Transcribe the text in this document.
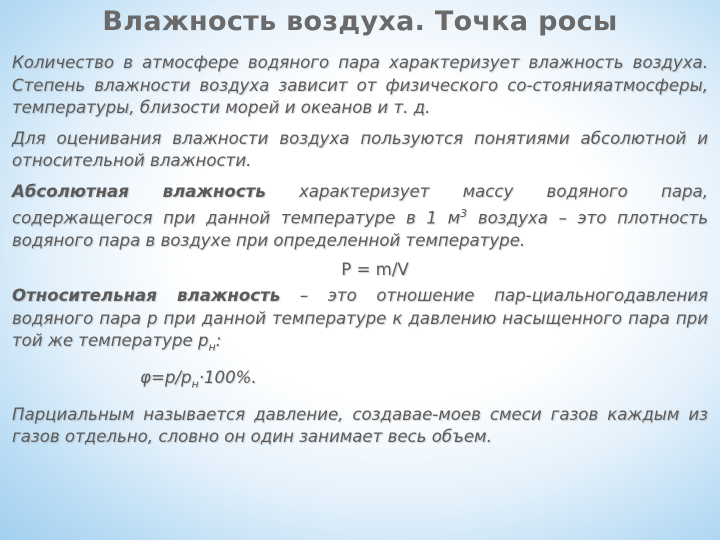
Влажность воздуха. Точка росы

Количество в атмосфере водяного пара характеризует влажность воздуха. Степень влажности воздуха зависит от физического со-стоянияатмосферы, температуры, близости морей и океанов и т. д.

Для оценивания влажности воздуха пользуются понятиями абсолютной и относительной влажности.

Абсолютная влажность характеризует массу водяного пара, содержащегося при данной температуре в 1 $м^3$ воздуха – это плотность водяного пара в воздухе при определенной температуре.

P = m/V

Относительная влажность – это отношение пар-циальногодавления водяного пара p при данной температуре к давлению насыщенного пара при той же температуре $p_н$:

$\varphi=p/p_н\cdot 100\%$.

Парциальным называется давление, создавае-моев смеси газов каждым из газов отдельно, словно он один занимает весь объем.
